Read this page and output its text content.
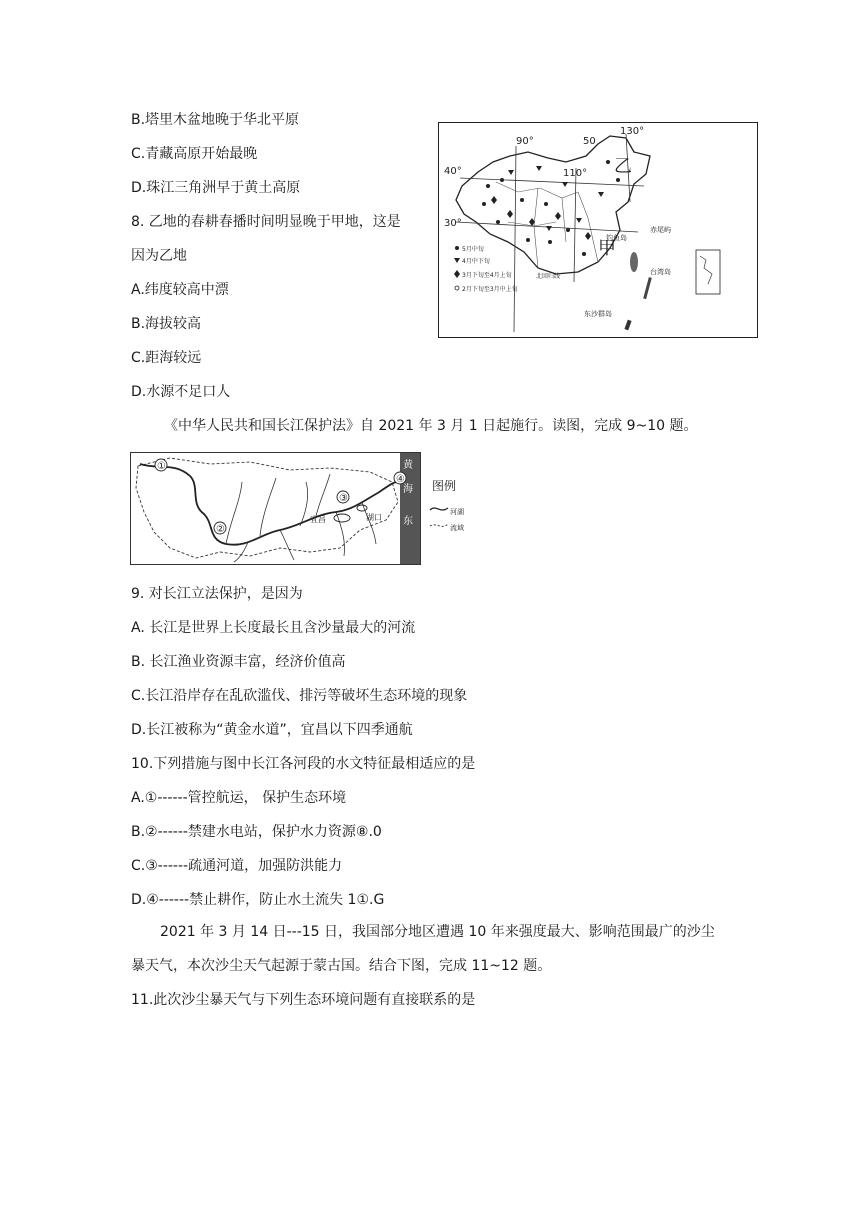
B.塔里木盆地晚于华北平原
C.青藏高原开始最晚
D.珠江三角洲早于黄土高原
8. 乙地的春耕春播时间明显晚于甲地，这是
因为乙地
A.纬度较高中漂
B.海拔较高
C.距海较远
D.水源不足口人
90°
110°
130°
50
40°
30°
乙
甲
5月中旬
4月中下旬
3月下旬至4月上旬
2月下旬至3月中上旬
钓鱼岛
赤尾屿
北回归线
台湾岛
东沙群岛
《中华人民共和国长江保护法》自 2021 年 3 月 1 日起施行。读图，完成 9~10 题。
①
②
③
④
宜昌	湖口
黄
海
东
图例
河湖
流域
9. 对长江立法保护，是因为
A. 长江是世界上长度最长且含沙量最大的河流
B. 长江渔业资源丰富，经济价值高
C.长江沿岸存在乱砍滥伐、排污等破坏生态环境的现象
D.长江被称为“黄金水道”，宜昌以下四季通航
10.下列措施与图中长江各河段的水文特征最相适应的是
A.①------管控航运， 保护生态环境
B.②------禁建水电站，保护水力资源⑧.0
C.③------疏通河道，加强防洪能力
D.④------禁止耕作，防止水土流失 1①.G
2021 年 3 月 14 日---15 日，我国部分地区遭遇 10 年来强度最大、影响范围最广的沙尘
暴天气，本次沙尘天气起源于蒙古国。结合下图，完成 11~12 题。
11.此次沙尘暴天气与下列生态环境问题有直接联系的是
